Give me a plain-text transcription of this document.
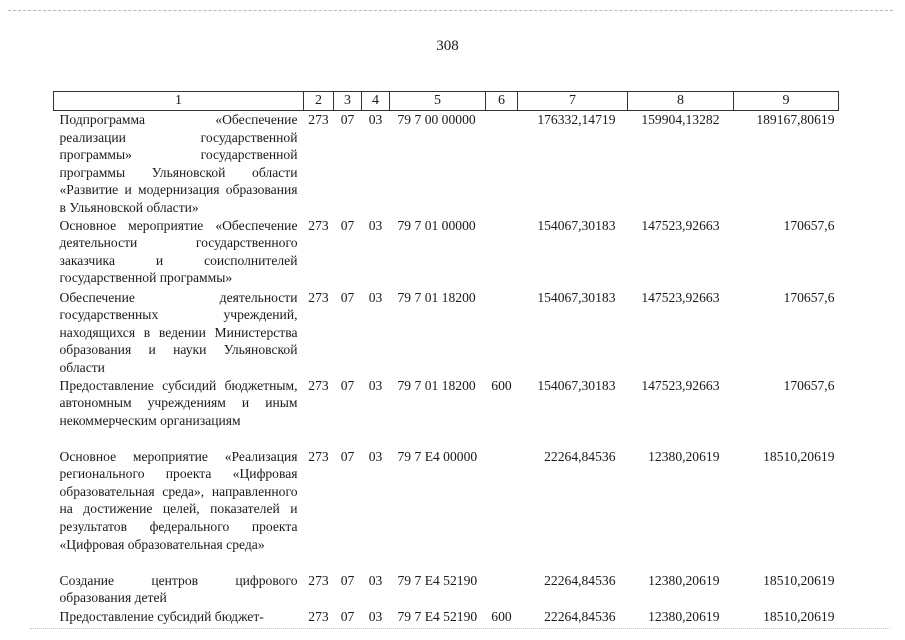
308
1	2	3	4	5	6	7	8	9
Подпрограмма «Обеспечение реализации государственной программы» государственной программы Ульяновской области «Развитие и модернизация образования в Ульяновской области»	273	07	03	79 7 00 00000		176332,14719	159904,13282	189167,80619
Основное мероприятие «Обеспечение деятельности государственного заказчика и соисполнителей государственной программы»	273	07	03	79 7 01 00000		154067,30183	147523,92663	170657,6
Обеспечение деятельности государственных учреждений, находящихся в ведении Министерства образования и науки Ульяновской области	273	07	03	79 7 01 18200		154067,30183	147523,92663	170657,6
Предоставление субсидий бюджетным, автономным учреждениям и иным некоммерческим организациям	273	07	03	79 7 01 18200	600	154067,30183	147523,92663	170657,6
Основное мероприятие «Реализация регионального проекта «Цифровая образовательная среда», направленного на достижение целей, показателей и результатов федерального проекта «Цифровая образовательная среда»	273	07	03	79 7 E4 00000		22264,84536	12380,20619	18510,20619
Создание центров цифрового образования детей	273	07	03	79 7 E4 52190		22264,84536	12380,20619	18510,20619
Предоставление субсидий бюджет-	273	07	03	79 7 E4 52190	600	22264,84536	12380,20619	18510,20619
